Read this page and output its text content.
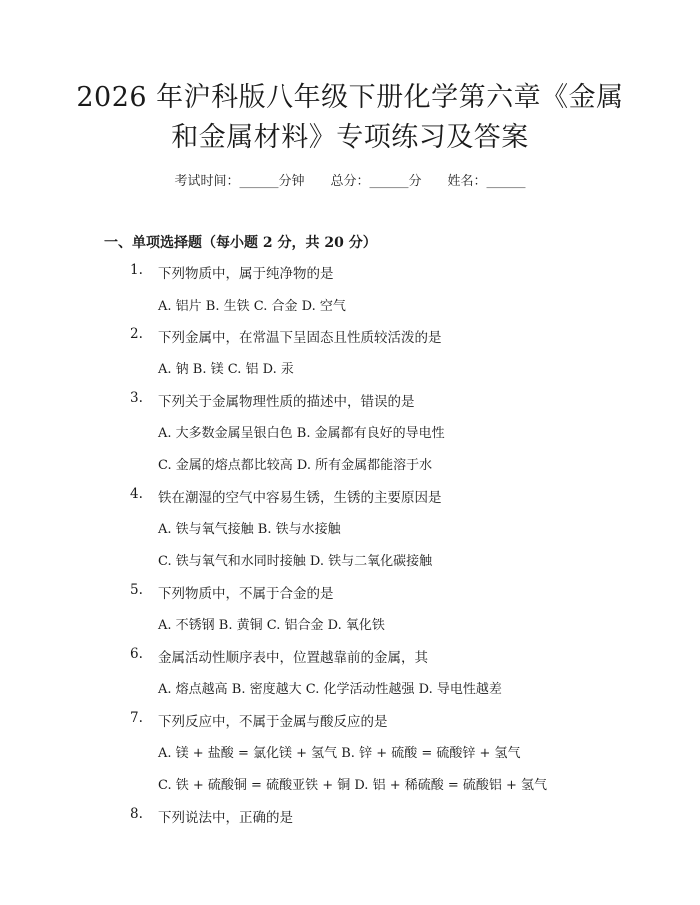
2026 年沪科版八年级下册化学第六章《金属
和金属材料》专项练习及答案
考试时间：______分钟 总分：______分 姓名：______
一、单项选择题（每小题 2 分，共 20 分）
1. 下列物质中，属于纯净物的是
A. 铝片 B. 生铁 C. 合金 D. 空气
2. 下列金属中，在常温下呈固态且性质较活泼的是
A. 钠 B. 镁 C. 铝 D. 汞
3. 下列关于金属物理性质的描述中，错误的是
A. 大多数金属呈银白色 B. 金属都有良好的导电性
C. 金属的熔点都比较高 D. 所有金属都能溶于水
4. 铁在潮湿的空气中容易生锈，生锈的主要原因是
A. 铁与氧气接触 B. 铁与水接触
C. 铁与氧气和水同时接触 D. 铁与二氧化碳接触
5. 下列物质中，不属于合金的是
A. 不锈钢 B. 黄铜 C. 铝合金 D. 氧化铁
6. 金属活动性顺序表中，位置越靠前的金属，其
A. 熔点越高 B. 密度越大 C. 化学活动性越强 D. 导电性越差
7. 下列反应中，不属于金属与酸反应的是
A. 镁 + 盐酸 = 氯化镁 + 氢气 B. 锌 + 硫酸 = 硫酸锌 + 氢气
C. 铁 + 硫酸铜 = 硫酸亚铁 + 铜 D. 铝 + 稀硫酸 = 硫酸铝 + 氢气
8. 下列说法中，正确的是
